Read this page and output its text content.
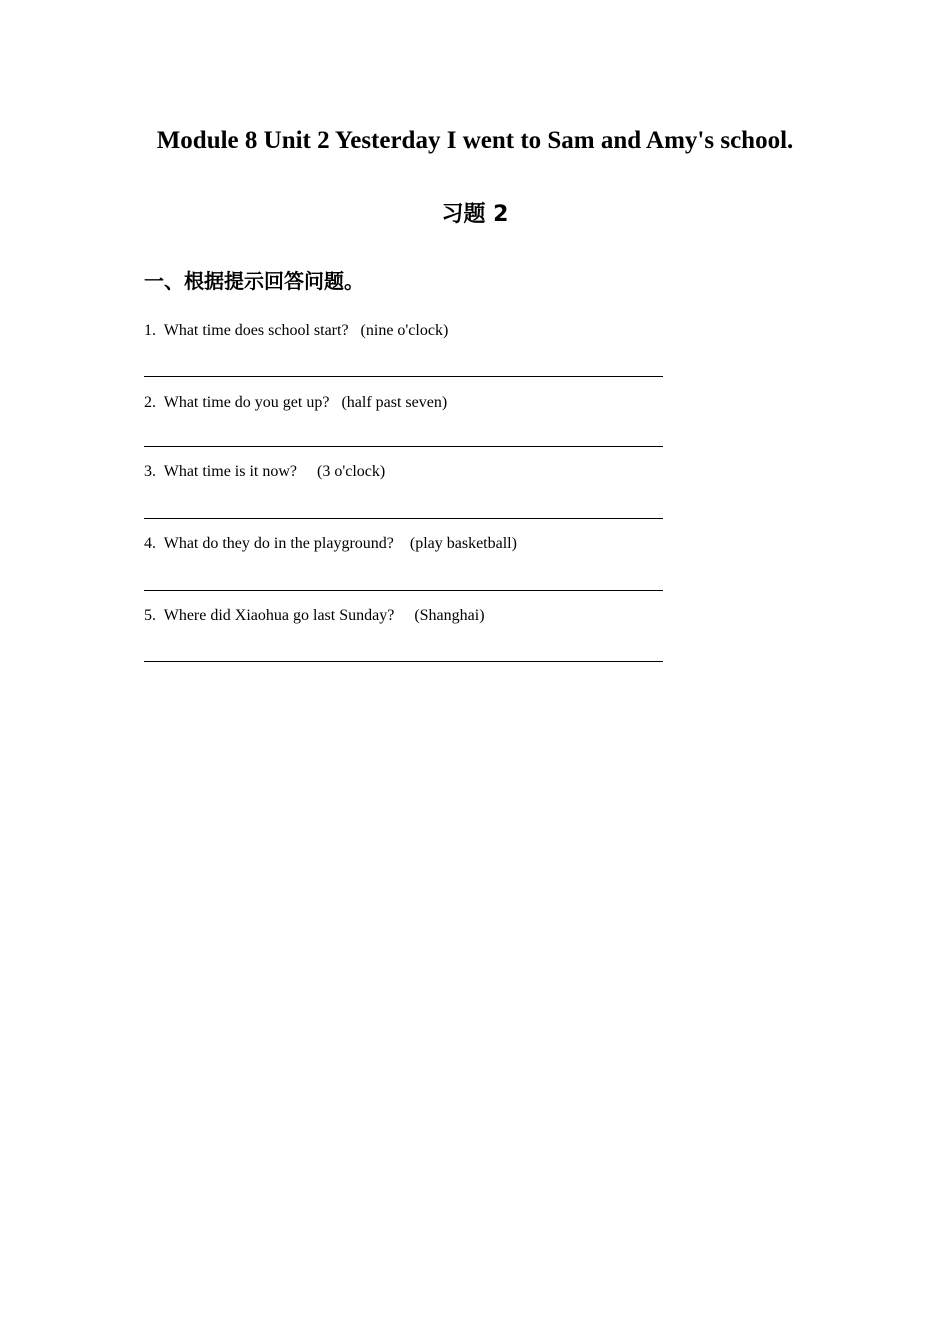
Module 8 Unit 2 Yesterday I went to Sam and Amy's school.
习题 2
一、根据提示回答问题。
1.  What time does school start?   (nine o'clock)
2.  What time do you get up?   (half past seven)
3.  What time is it now?     (3 o'clock)
4.  What do they do in the playground?    (play basketball)
5.  Where did Xiaohua go last Sunday?     (Shanghai)
